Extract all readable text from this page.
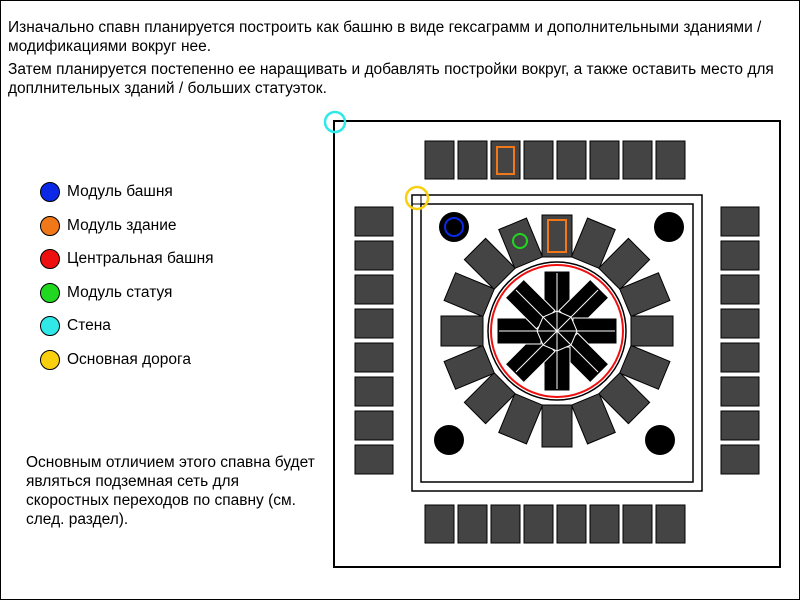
Изначально спавн планируется построить как башню в виде гексаграмм и дополнительными зданиями / модификациями вокруг нее.

Затем планируется постепенно ее наращивать и добавлять постройки вокруг, а также оставить место для доплнительных зданий / больших статуэток.

Модуль башня
Модуль здание
Центральная башня
Модуль статуя
Стена
Основная дорога
Основным отличием этого спавна будет являться подземная сеть для скоростных переходов по спавну (см. след. раздел).
